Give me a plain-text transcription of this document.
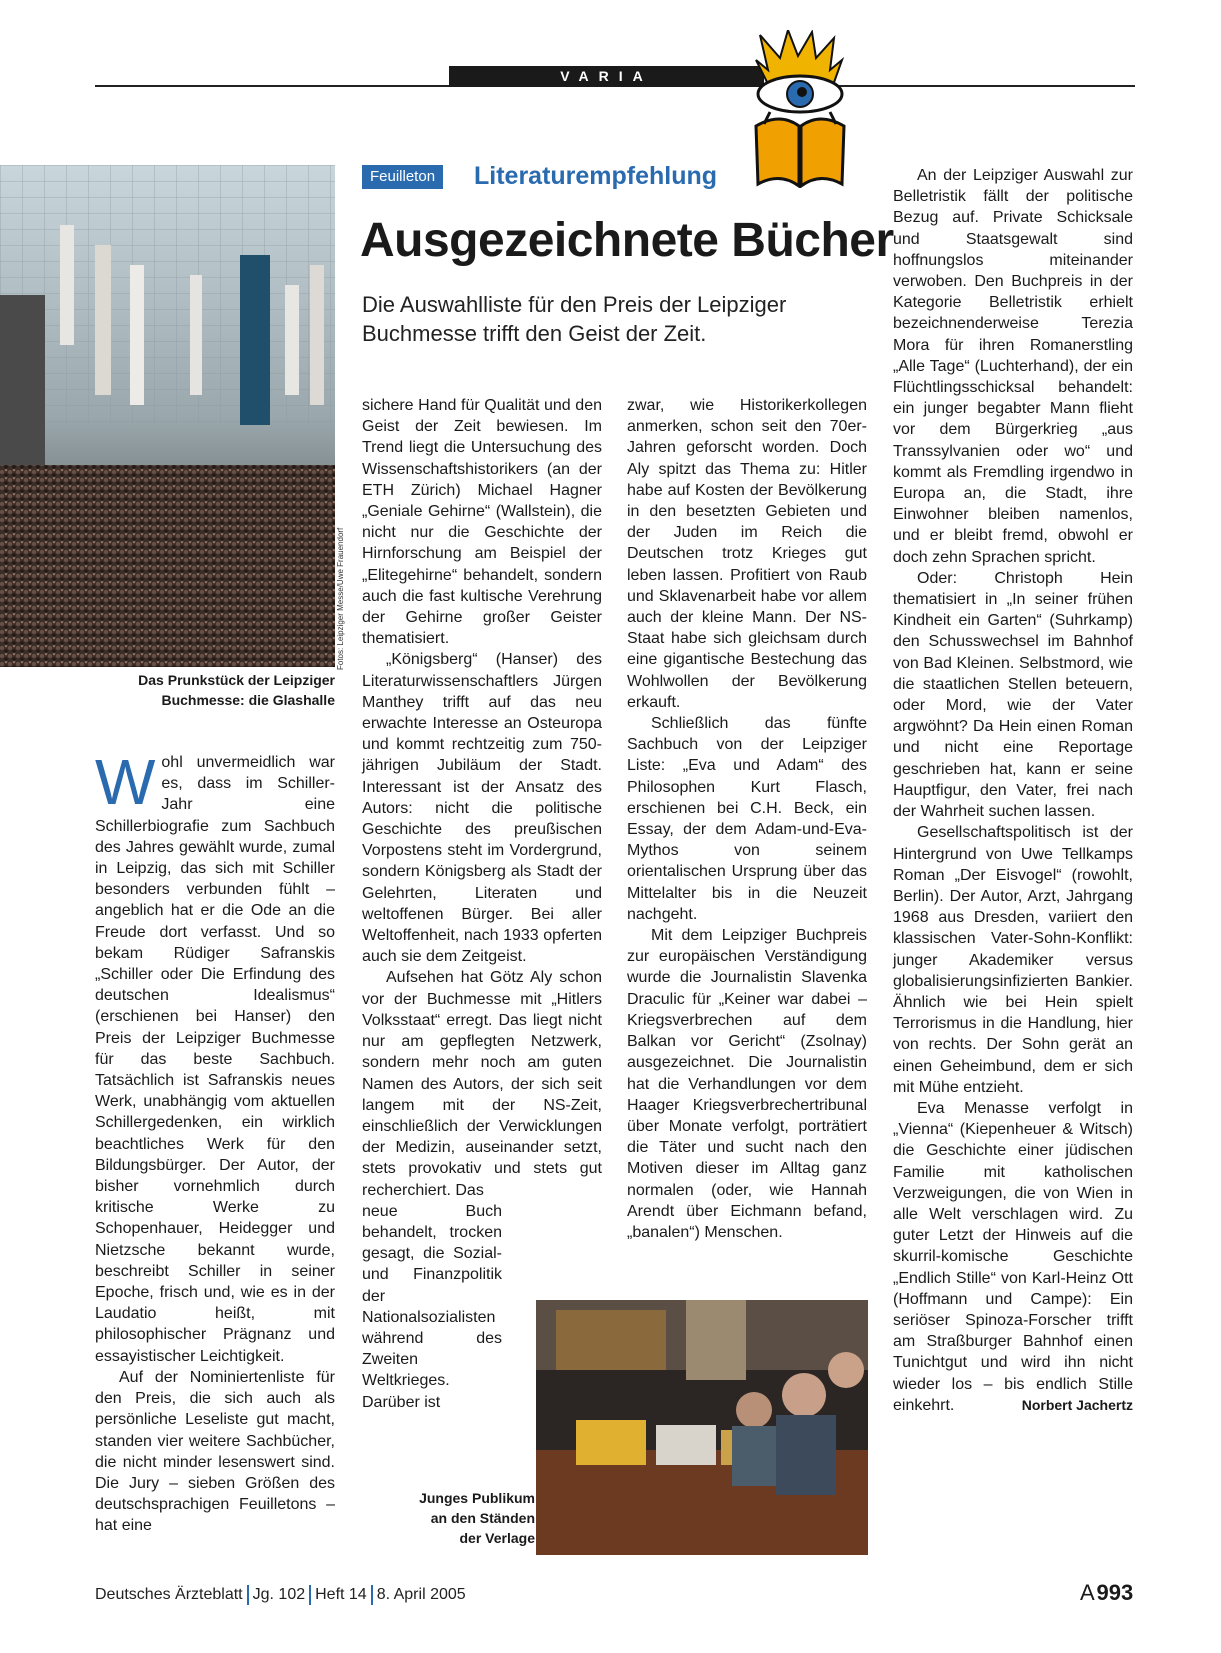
VARIA
Fotos: Leipziger Messe/Uwe Frauendorf
Das Prunkstück der Leipziger
Buchmesse: die Glashalle
Feuilleton	Literaturempfehlung
Ausgezeichnete Bücher
Die Auswahlliste für den Preis der Leipziger Buchmesse trifft den Geist der Zeit.

Wohl unvermeidlich war es, dass im Schiller-Jahr eine Schillerbiografie zum Sachbuch des Jahres gewählt wurde, zumal in Leipzig, das sich mit Schiller besonders verbunden fühlt – angeblich hat er die Ode an die Freude dort verfasst. Und so bekam Rüdiger Safranskis „Schiller oder Die Erfindung des deutschen Idealismus“ (erschienen bei Hanser) den Preis der Leipziger Buchmesse für das beste Sachbuch. Tatsächlich ist Safranskis neues Werk, unabhängig vom aktuellen Schillergedenken, ein wirklich beachtliches Werk für den Bildungsbürger. Der Autor, der bisher vornehmlich durch kritische Werke zu Schopenhauer, Heidegger und Nietzsche bekannt wurde, beschreibt Schiller in seiner Epoche, frisch und, wie es in der Laudatio heißt, mit philosophischer Prägnanz und essayistischer Leichtigkeit.

Auf der Nominiertenliste für den Preis, die sich auch als persönliche Leseliste gut macht, standen vier weitere Sachbücher, die nicht minder lesenswert sind. Die Jury – sieben Größen des deutschsprachigen Feuilletons – hat eine

sichere Hand für Qualität und den Geist der Zeit bewiesen. Im Trend liegt die Untersuchung des Wissenschaftshistorikers (an der ETH Zürich) Michael Hagner „Geniale Gehirne“ (Wallstein), die nicht nur die Geschichte der Hirnforschung am Beispiel der „Elitegehirne“ behandelt, sondern auch die fast kultische Verehrung der Gehirne großer Geister thematisiert.

„Königsberg“ (Hanser) des Literaturwissenschaftlers Jürgen Manthey trifft auf das neu erwachte Interesse an Osteuropa und kommt rechtzeitig zum 750-jährigen Jubiläum der Stadt. Interessant ist der Ansatz des Autors: nicht die politische Geschichte des preußischen Vorpostens steht im Vordergrund, sondern Königsberg als Stadt der Gelehrten, Literaten und weltoffenen Bürger. Bei aller Weltoffenheit, nach 1933 opferten auch sie dem Zeitgeist.

Aufsehen hat Götz Aly schon vor der Buchmesse mit „Hitlers Volksstaat“ erregt. Das liegt nicht nur am gepflegten Netzwerk, sondern mehr noch am guten Namen des Autors, der sich seit langem mit der NS-Zeit, einschließlich der Verwicklungen der Medizin, auseinander setzt, stets provokativ und stets gut recherchiert. Das

neue Buch behandelt, trocken gesagt, die Sozial- und Finanzpolitik der Nationalsozialisten während des Zweiten Weltkrieges. Darüber ist

zwar, wie Historikerkollegen anmerken, schon seit den 70er-Jahren geforscht worden. Doch Aly spitzt das Thema zu: Hitler habe auf Kosten der Bevölkerung in den besetzten Gebieten und der Juden im Reich die Deutschen trotz Krieges gut leben lassen. Profitiert von Raub und Sklavenarbeit habe vor allem auch der kleine Mann. Der NS-Staat habe sich gleichsam durch eine gigantische Bestechung das Wohlwollen der Bevölkerung erkauft.

Schließlich das fünfte Sachbuch von der Leipziger Liste: „Eva und Adam“ des Philosophen Kurt Flasch, erschienen bei C.H. Beck, ein Essay, der dem Adam-und-Eva-Mythos von seinem orientalischen Ursprung über das Mittelalter bis in die Neuzeit nachgeht.

Mit dem Leipziger Buchpreis zur europäischen Verständigung wurde die Journalistin Slavenka Draculic für „Keiner war dabei – Kriegsverbrechen auf dem Balkan vor Gericht“ (Zsolnay) ausgezeichnet. Die Journalistin hat die Verhandlungen vor dem Haager Kriegsverbrechertribunal über Monate verfolgt, porträtiert die Täter und sucht nach den Motiven dieser im Alltag ganz normalen (oder, wie Hannah Arendt über Eichmann befand, „banalen“) Menschen.

Junges Publikum
an den Ständen
der Verlage

An der Leipziger Auswahl zur Belletristik fällt der politische Bezug auf. Private Schicksale und Staatsgewalt sind hoffnungslos miteinander verwoben. Den Buchpreis in der Kategorie Belletristik erhielt bezeichnenderweise Terezia Mora für ihren Romanerstling „Alle Tage“ (Luchterhand), der ein Flüchtlingsschicksal behandelt: ein junger begabter Mann flieht vor dem Bürgerkrieg „aus Transsylvanien oder wo“ und kommt als Fremdling irgendwo in Europa an, die Stadt, ihre Einwohner bleiben namenlos, und er bleibt fremd, obwohl er doch zehn Sprachen spricht.

Oder: Christoph Hein thematisiert in „In seiner frühen Kindheit ein Garten“ (Suhrkamp) den Schusswechsel im Bahnhof von Bad Kleinen. Selbstmord, wie die staatlichen Stellen beteuern, oder Mord, wie der Vater argwöhnt? Da Hein einen Roman und nicht eine Reportage geschrieben hat, kann er seine Hauptfigur, den Vater, frei nach der Wahrheit suchen lassen.

Gesellschaftspolitisch ist der Hintergrund von Uwe Tellkamps Roman „Der Eisvogel“ (rowohlt, Berlin). Der Autor, Arzt, Jahrgang 1968 aus Dresden, variiert den klassischen Vater-Sohn-Konflikt: junger Akademiker versus globalisierungsinfizierten Bankier. Ähnlich wie bei Hein spielt Terrorismus in die Handlung, hier von rechts. Der Sohn gerät an einen Geheimbund, dem er sich mit Mühe entzieht.

Eva Menasse verfolgt in „Vienna“ (Kiepenheuer & Witsch) die Geschichte einer jüdischen Familie mit katholischen Verzweigungen, die von Wien in alle Welt verschlagen wird. Zu guter Letzt der Hinweis auf die skurril-komische Geschichte „Endlich Stille“ von Karl-Heinz Ott (Hoffmann und Campe): Ein seriöser Spinoza-Forscher trifft am Straßburger Bahnhof einen Tunichtgut und wird ihn nicht wieder los – bis endlich Stille einkehrt.	Norbert Jachertz

Deutsches Ärzteblatt Jg. 102 Heft 14 8. April 2005	A 993
